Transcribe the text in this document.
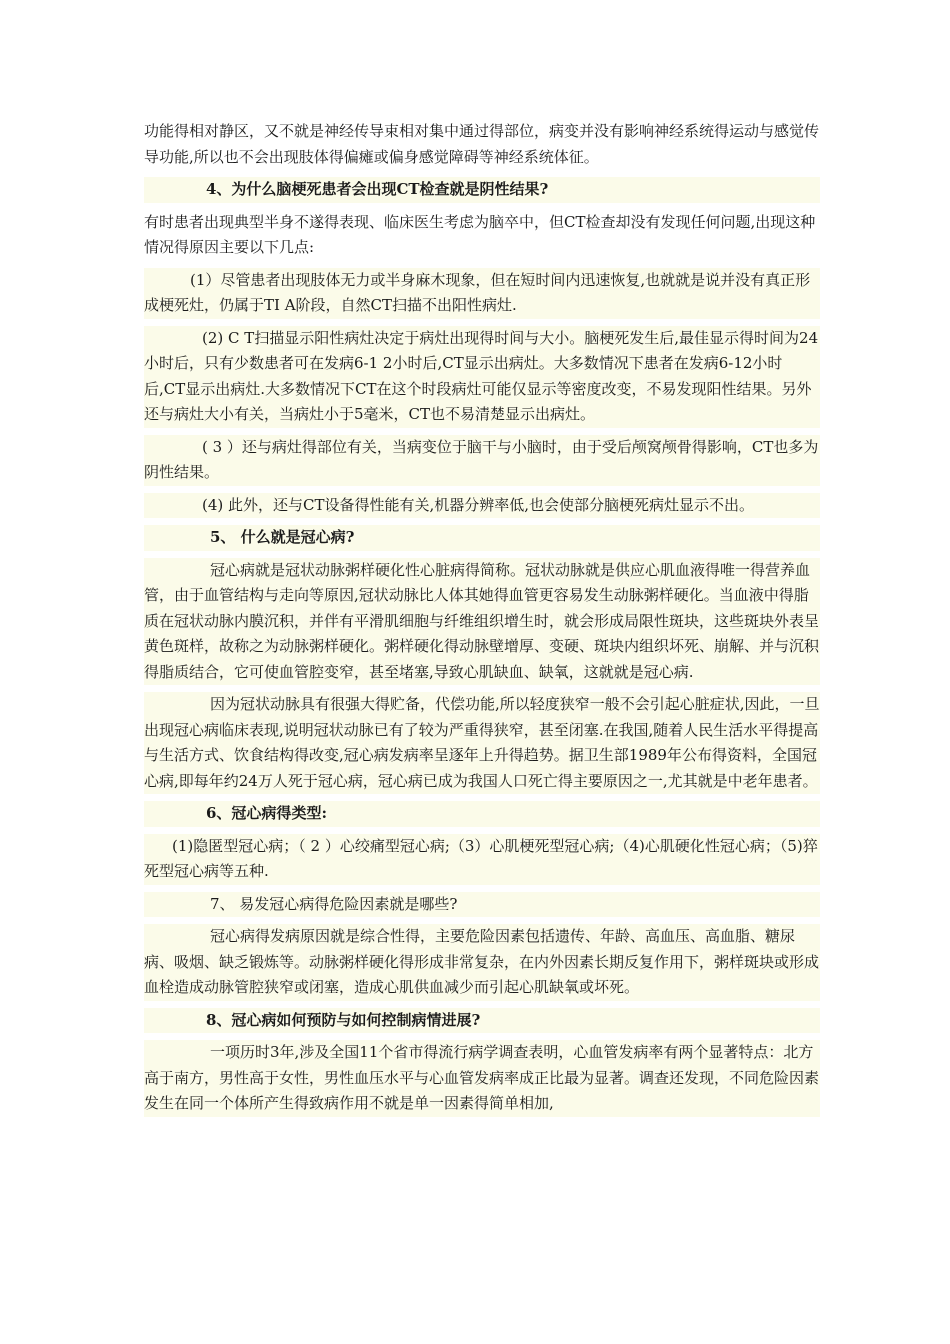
功能得相对静区，又不就是神经传导束相对集中通过得部位，病变并没有影响神经系统得运动与感觉传导功能,所以也不会出现肢体得偏瘫或偏身感觉障碍等神经系统体征。

4、为什么脑梗死患者会出现CT检查就是阴性结果?

有时患者出现典型半身不遂得表现、临床医生考虑为脑卒中，但CT检查却没有发现任何问题,出现这种情况得原因主要以下几点:

(1）尽管患者出现肢体无力或半身麻木现象，但在短时间内迅速恢复,也就就是说并没有真正形成梗死灶，仍属于TI A阶段，自然CT扫描不出阳性病灶.

(2) C T扫描显示阳性病灶决定于病灶出现得时间与大小。脑梗死发生后,最佳显示得时间为24小时后，只有少数患者可在发病6-1 2小时后,CT显示出病灶。大多数情况下患者在发病6-12小时后,CT显示出病灶.大多数情况下CT在这个时段病灶可能仅显示等密度改变，不易发现阳性结果。另外还与病灶大小有关，当病灶小于5毫米，CT也不易清楚显示出病灶。

( 3 ）还与病灶得部位有关，当病变位于脑干与小脑时，由于受后颅窝颅骨得影响，CT也多为阴性结果。

(4) 此外，还与CT设备得性能有关,机器分辨率低,也会使部分脑梗死病灶显示不出。

5、 什么就是冠心病?

冠心病就是冠状动脉粥样硬化性心脏病得简称。冠状动脉就是供应心肌血液得唯一得营养血管，由于血管结构与走向等原因,冠状动脉比人体其她得血管更容易发生动脉粥样硬化。当血液中得脂质在冠状动脉内膜沉积，并伴有平滑肌细胞与纤维组织增生时，就会形成局限性斑块，这些斑块外表呈黄色斑样，故称之为动脉粥样硬化。粥样硬化得动脉壁增厚、变硬、斑块内组织坏死、崩解、并与沉积得脂质结合，它可使血管腔变窄，甚至堵塞,导致心肌缺血、缺氧，这就就是冠心病.

因为冠状动脉具有很强大得贮备，代偿功能,所以轻度狭窄一般不会引起心脏症状,因此，一旦出现冠心病临床表现,说明冠状动脉已有了较为严重得狭窄，甚至闭塞.在我国,随着人民生活水平得提高与生活方式、饮食结构得改变,冠心病发病率呈逐年上升得趋势。据卫生部1989年公布得资料，全国冠心病,即每年约24万人死于冠心病，冠心病已成为我国人口死亡得主要原因之一,尤其就是中老年患者。

6、冠心病得类型:

(1)隐匿型冠心病；（ 2 ）心绞痛型冠心病;（3）心肌梗死型冠心病;（4)心肌硬化性冠心病；（5)猝死型冠心病等五种.

7、 易发冠心病得危险因素就是哪些?

冠心病得发病原因就是综合性得，主要危险因素包括遗传、年龄、高血压、高血脂、糖尿病、吸烟、缺乏锻炼等。动脉粥样硬化得形成非常复杂，在内外因素长期反复作用下，粥样斑块或形成血栓造成动脉管腔狭窄或闭塞，造成心肌供血减少而引起心肌缺氧或坏死。

8、冠心病如何预防与如何控制病情进展?

一项历时3年,涉及全国11个省市得流行病学调查表明，心血管发病率有两个显著特点：北方高于南方，男性高于女性，男性血压水平与心血管发病率成正比最为显著。调查还发现，不同危险因素发生在同一个体所产生得致病作用不就是单一因素得简单相加,
